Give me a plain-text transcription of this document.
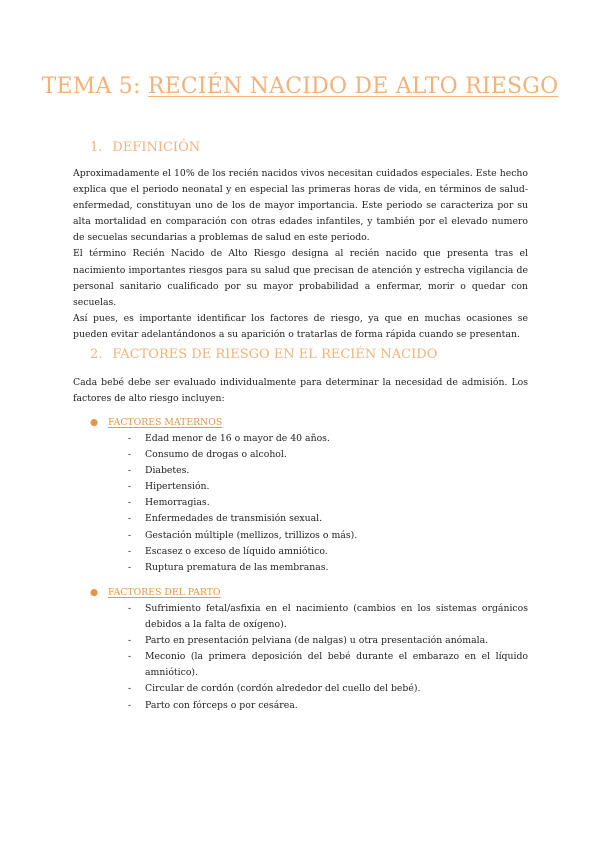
TEMA 5: RECIÉN NACIDO DE ALTO RIESGO
1. DEFINICIÓN

Aproximadamente el 10% de los recién nacidos vivos necesitan cuidados especiales. Este hecho explica que el periodo neonatal y en especial las primeras horas de vida, en términos de salud-enfermedad, constituyan uno de los de mayor importancia. Este periodo se caracteriza por su alta mortalidad en comparación con otras edades infantiles, y también por el elevado numero de secuelas secundarias a problemas de salud en este periodo.

El término Recién Nacido de Alto Riesgo designa al recién nacido que presenta tras el nacimiento importantes riesgos para su salud que precisan de atención y estrecha vigilancia de personal sanitario cualificado por su mayor probabilidad a enfermar, morir o quedar con secuelas.

Así pues, es importante identificar los factores de riesgo, ya que en muchas ocasiones se pueden evitar adelantándonos a su aparición o tratarlas de forma rápida cuando se presentan.

2. FACTORES DE RIESGO EN EL RECIÉN NACIDO

Cada bebé debe ser evaluado individualmente para determinar la necesidad de admisión. Los factores de alto riesgo incluyen:

● FACTORES MATERNOS
- Edad menor de 16 o mayor de 40 años.
- Consumo de drogas o alcohol.
- Diabetes.
- Hipertensión.
- Hemorragias.
- Enfermedades de transmisión sexual.
- Gestación múltiple (mellizos, trillizos o más).
- Escasez o exceso de líquido amniótico.
- Ruptura prematura de las membranas.
● FACTORES DEL PARTO
- Sufrimiento fetal/asfixia en el nacimiento (cambios en los sistemas orgánicos debidos a la falta de oxígeno).
- Parto en presentación pelviana (de nalgas) u otra presentación anómala.
- Meconio (la primera deposición del bebé durante el embarazo en el líquido amniótico).
- Circular de cordón (cordón alrededor del cuello del bebé).
- Parto con fórceps o por cesárea.
